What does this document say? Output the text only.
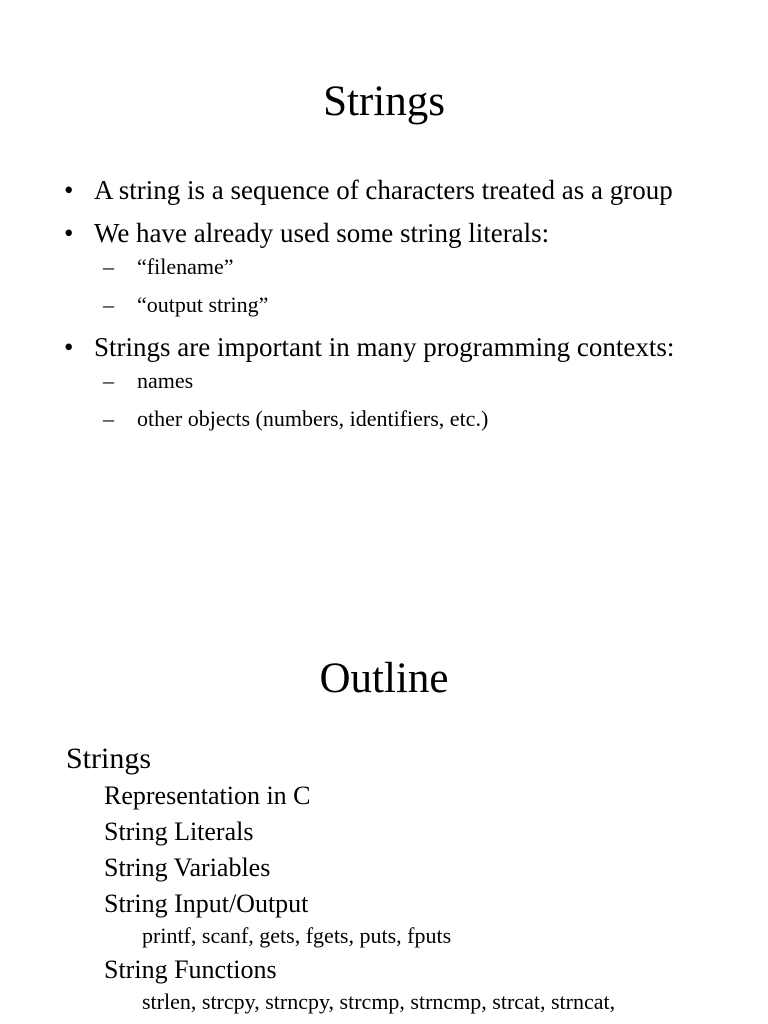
Strings
• A string is a sequence of characters treated as a group
• We have already used some string literals:
– “filename”
– “output string”
• Strings are important in many programming contexts:
– names
– other objects (numbers, identifiers, etc.)
Outline
Strings
Representation in C
String Literals
String Variables
String Input/Output
printf, scanf, gets, fgets, puts, fputs
String Functions
strlen, strcpy, strncpy, strcmp, strncmp, strcat, strncat,
